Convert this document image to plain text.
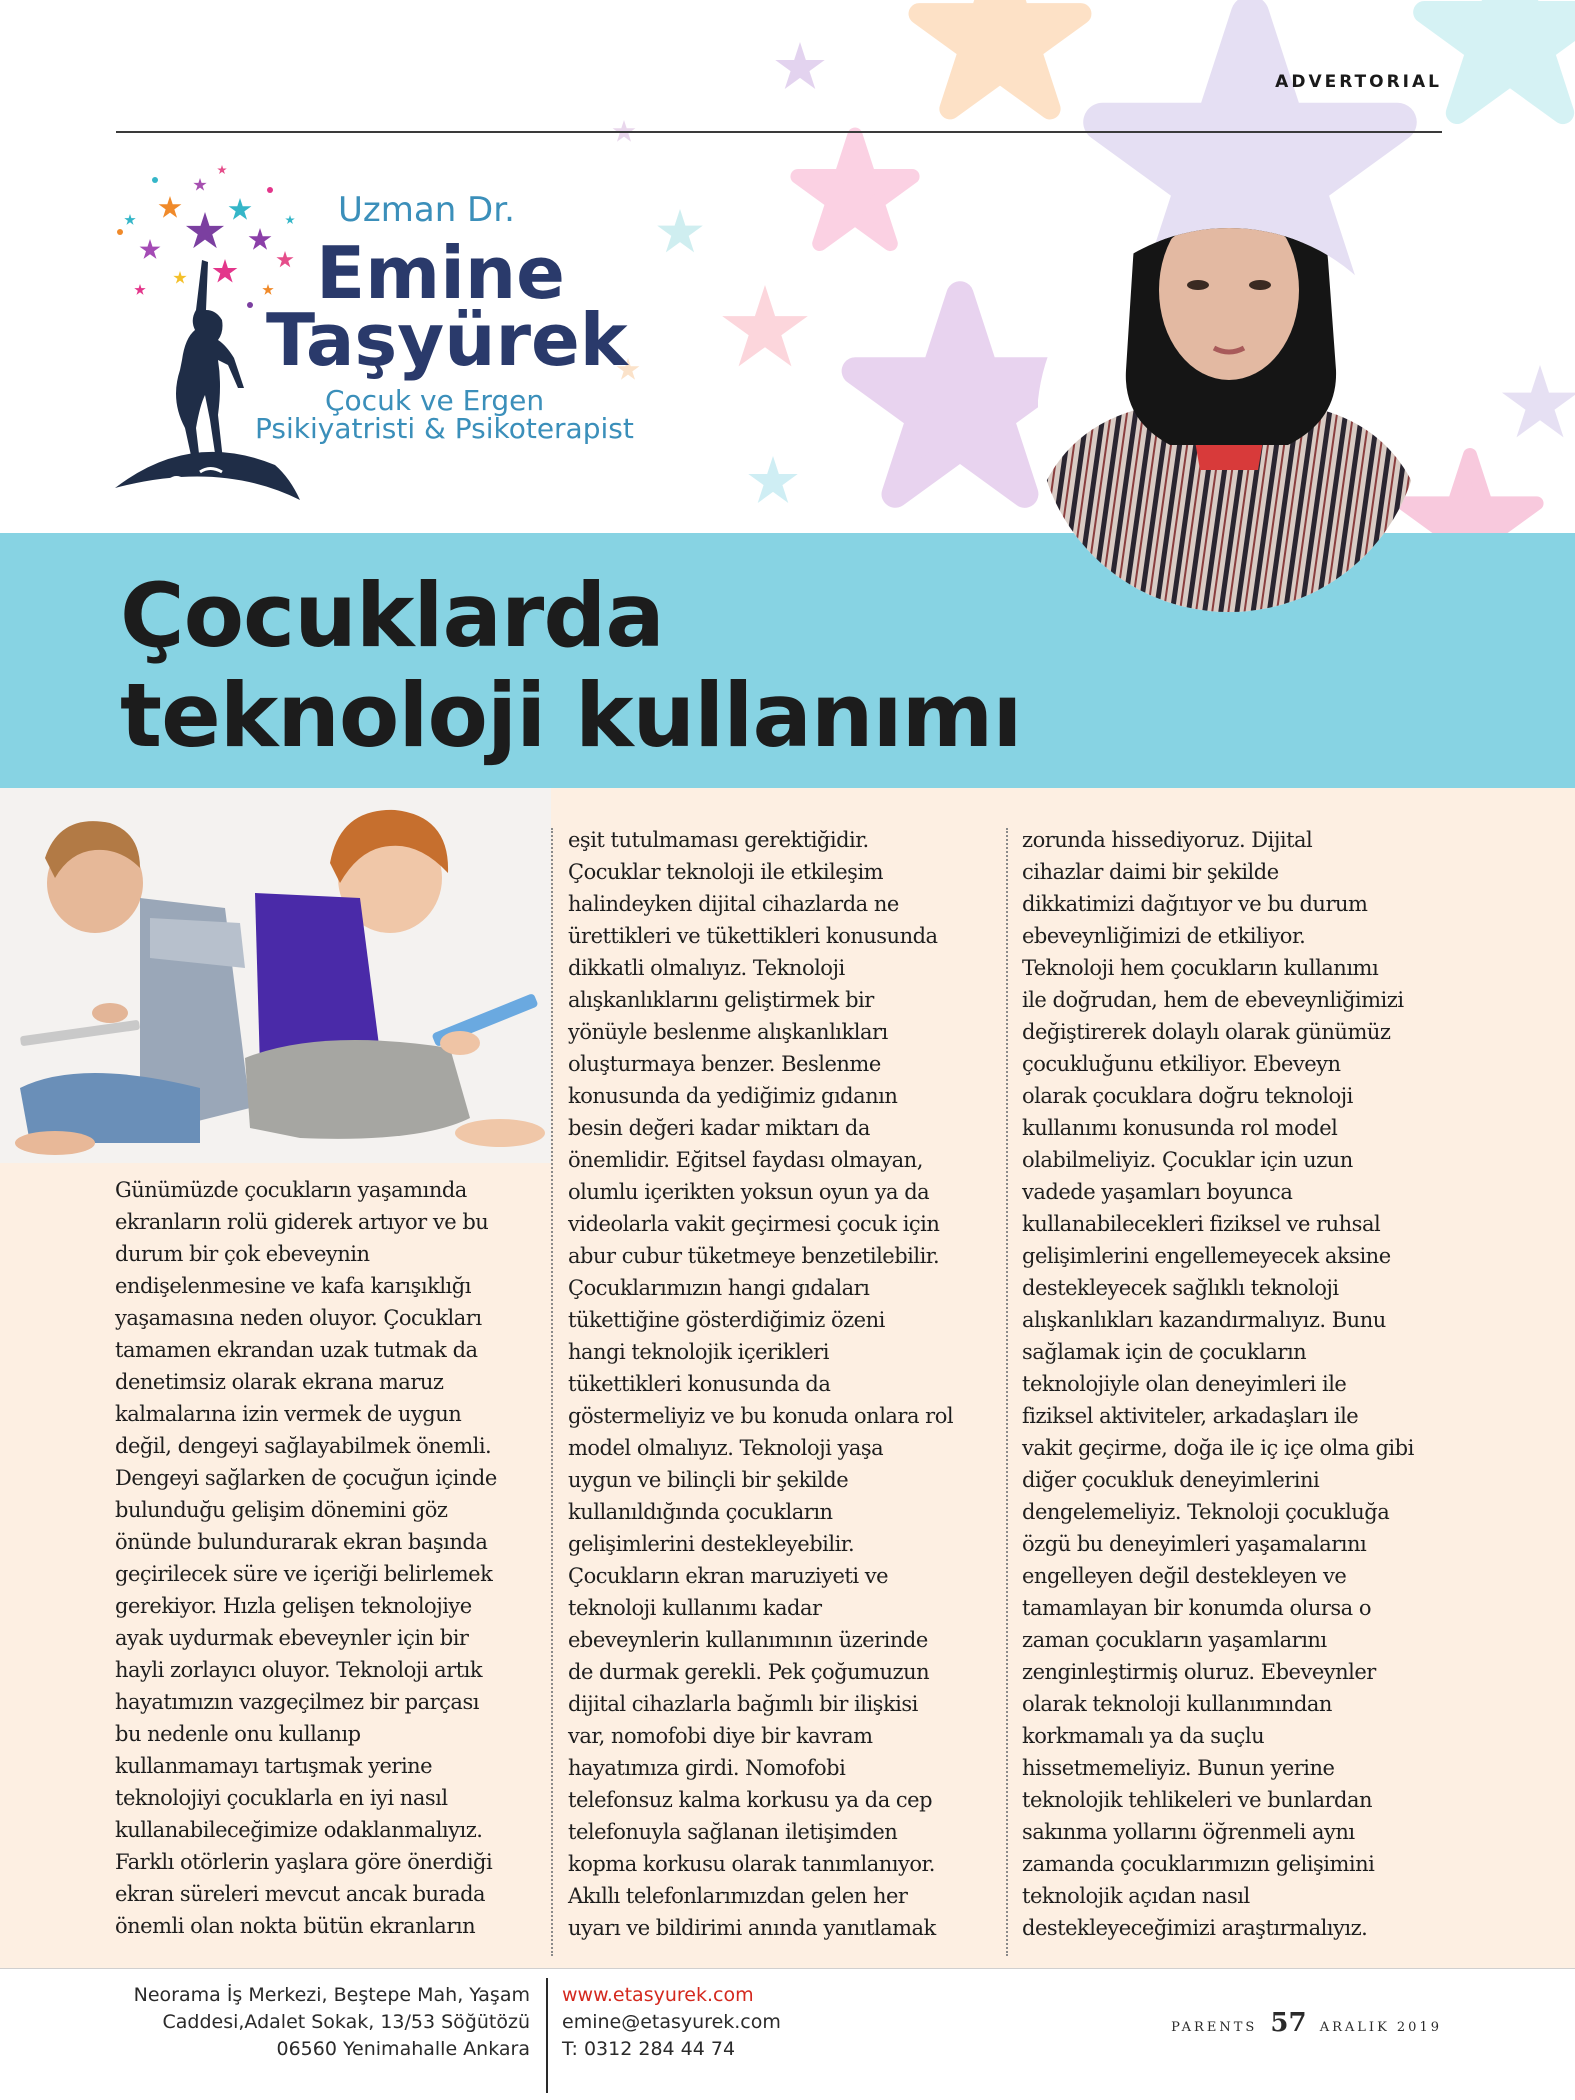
ADVERTORIAL
Uzman Dr.
Emine
Taşyürek
Çocuk ve Ergen
Psikiyatristi & Psikoterapist
Çocuklarda
teknoloji kullanımı
Günümüzde çocukların yaşamında
ekranların rolü giderek artıyor ve bu
durum bir çok ebeveynin
endişelenmesine ve kafa karışıklığı
yaşamasına neden oluyor. Çocukları
tamamen ekrandan uzak tutmak da
denetimsiz olarak ekrana maruz
kalmalarına izin vermek de uygun
değil, dengeyi sağlayabilmek önemli.
Dengeyi sağlarken de çocuğun içinde
bulunduğu gelişim dönemini göz
önünde bulundurarak ekran başında
geçirilecek süre ve içeriği belirlemek
gerekiyor. Hızla gelişen teknolojiye
ayak uydurmak ebeveynler için bir
hayli zorlayıcı oluyor. Teknoloji artık
hayatımızın vazgeçilmez bir parçası
bu nedenle onu kullanıp
kullanmamayı tartışmak yerine
teknolojiyi çocuklarla en iyi nasıl
kullanabileceğimize odaklanmalıyız.
Farklı otörlerin yaşlara göre önerdiği
ekran süreleri mevcut ancak burada
önemli olan nokta bütün ekranların
eşit tutulmaması gerektiğidir.
Çocuklar teknoloji ile etkileşim
halindeyken dijital cihazlarda ne
ürettikleri ve tükettikleri konusunda
dikkatli olmalıyız. Teknoloji
alışkanlıklarını geliştirmek bir
yönüyle beslenme alışkanlıkları
oluşturmaya benzer. Beslenme
konusunda da yediğimiz gıdanın
besin değeri kadar miktarı da
önemlidir. Eğitsel faydası olmayan,
olumlu içerikten yoksun oyun ya da
videolarla vakit geçirmesi çocuk için
abur cubur tüketmeye benzetilebilir.
Çocuklarımızın hangi gıdaları
tükettiğine gösterdiğimiz özeni
hangi teknolojik içerikleri
tükettikleri konusunda da
göstermeliyiz ve bu konuda onlara rol
model olmalıyız. Teknoloji yaşa
uygun ve bilinçli bir şekilde
kullanıldığında çocukların
gelişimlerini destekleyebilir.
Çocukların ekran maruziyeti ve
teknoloji kullanımı kadar
ebeveynlerin kullanımının üzerinde
de durmak gerekli. Pek çoğumuzun
dijital cihazlarla bağımlı bir ilişkisi
var, nomofobi diye bir kavram
hayatımıza girdi. Nomofobi
telefonsuz kalma korkusu ya da cep
telefonuyla sağlanan iletişimden
kopma korkusu olarak tanımlanıyor.
Akıllı telefonlarımızdan gelen her
uyarı ve bildirimi anında yanıtlamak
zorunda hissediyoruz. Dijital
cihazlar daimi bir şekilde
dikkatimizi dağıtıyor ve bu durum
ebeveynliğimizi de etkiliyor.
Teknoloji hem çocukların kullanımı
ile doğrudan, hem de ebeveynliğimizi
değiştirerek dolaylı olarak günümüz
çocukluğunu etkiliyor. Ebeveyn
olarak çocuklara doğru teknoloji
kullanımı konusunda rol model
olabilmeliyiz. Çocuklar için uzun
vadede yaşamları boyunca
kullanabilecekleri fiziksel ve ruhsal
gelişimlerini engellemeyecek aksine
destekleyecek sağlıklı teknoloji
alışkanlıkları kazandırmalıyız. Bunu
sağlamak için de çocukların
teknolojiyle olan deneyimleri ile
fiziksel aktiviteler, arkadaşları ile
vakit geçirme, doğa ile iç içe olma gibi
diğer çocukluk deneyimlerini
dengelemeliyiz. Teknoloji çocukluğa
özgü bu deneyimleri yaşamalarını
engelleyen değil destekleyen ve
tamamlayan bir konumda olursa o
zaman çocukların yaşamlarını
zenginleştirmiş oluruz. Ebeveynler
olarak teknoloji kullanımından
korkmamalı ya da suçlu
hissetmemeliyiz. Bunun yerine
teknolojik tehlikeleri ve bunlardan
sakınma yollarını öğrenmeli aynı
zamanda çocuklarımızın gelişimini
teknolojik açıdan nasıl
destekleyeceğimizi araştırmalıyız.
Neorama İş Merkezi, Beştepe Mah, Yaşam
Caddesi,Adalet Sokak, 13/53 Söğütözü
06560 Yenimahalle Ankara
www.etasyurek.com
emine@etasyurek.com
T: 0312 284 44 74
PARENTS 57 ARALIK 2019
